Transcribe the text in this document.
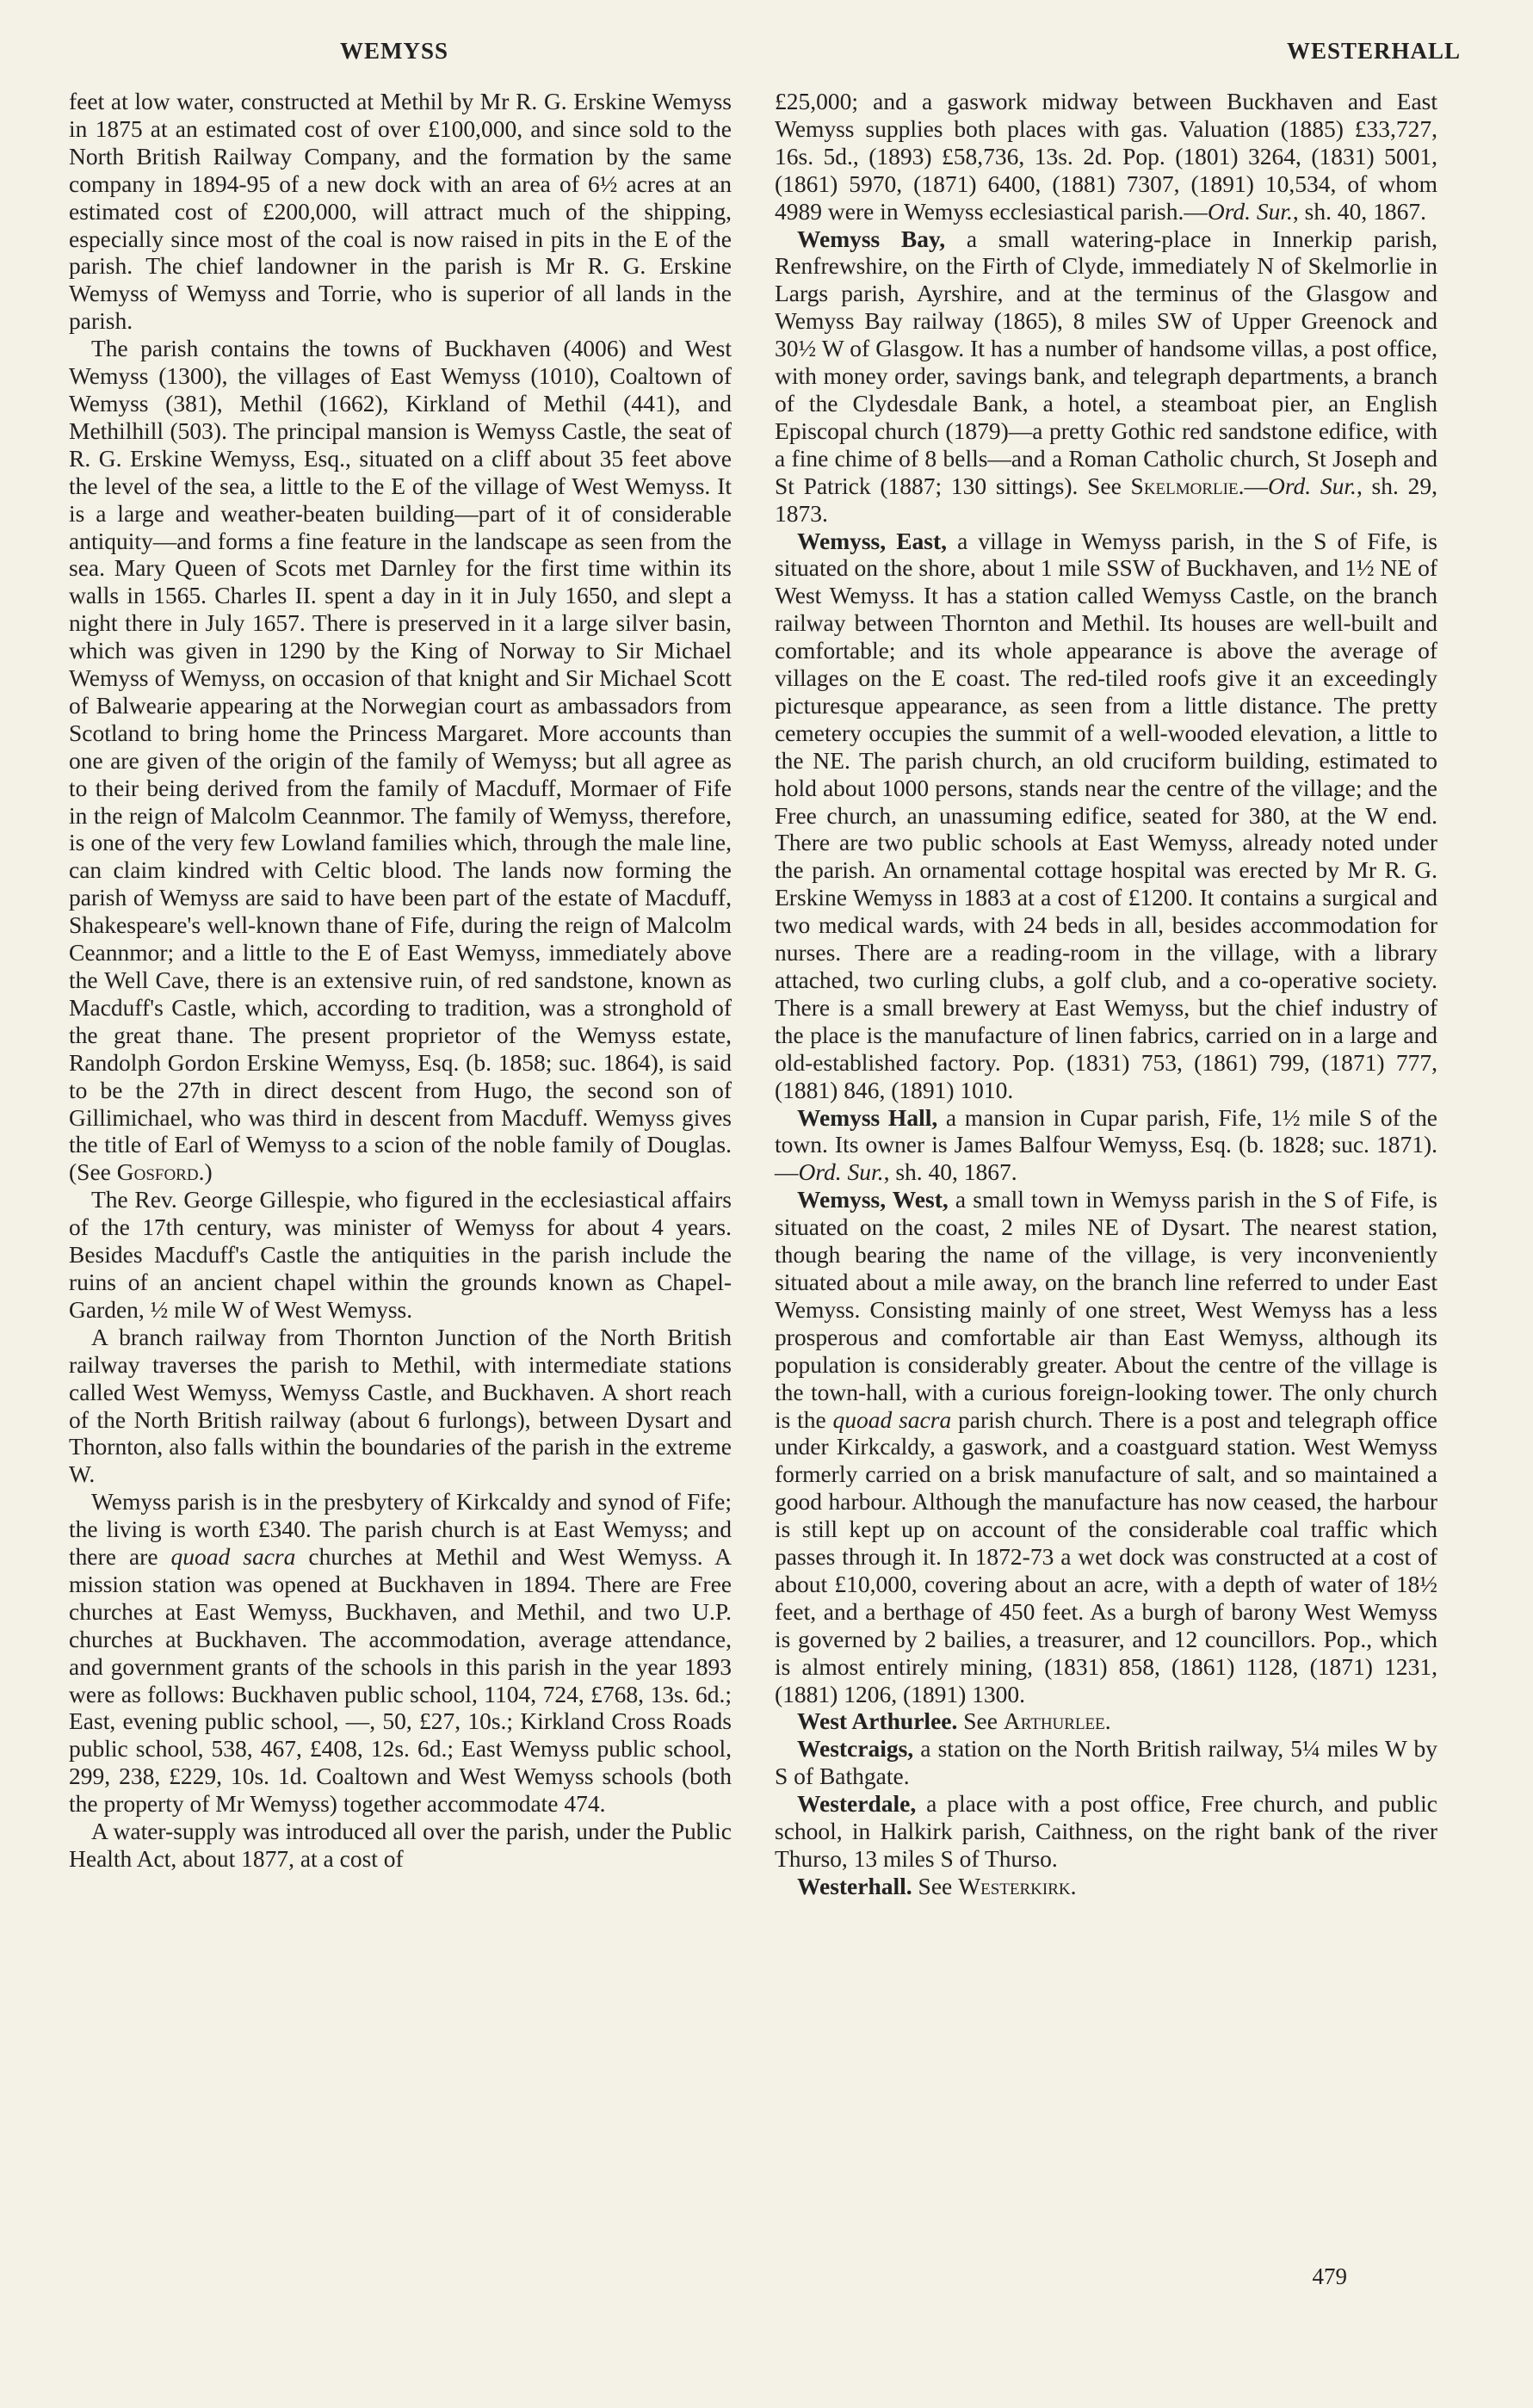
WEMYSS	WESTERHALL

feet at low water, constructed at Methil by Mr R. G. Erskine Wemyss in 1875 at an estimated cost of over £100,000, and since sold to the North British Railway Company, and the formation by the same company in 1894-95 of a new dock with an area of 6½ acres at an estimated cost of £200,000, will attract much of the shipping, especially since most of the coal is now raised in pits in the E of the parish. The chief landowner in the parish is Mr R. G. Erskine Wemyss of Wemyss and Torrie, who is superior of all lands in the parish.

The parish contains the towns of Buckhaven (4006) and West Wemyss (1300), the villages of East Wemyss (1010), Coaltown of Wemyss (381), Methil (1662), Kirkland of Methil (441), and Methilhill (503). The principal mansion is Wemyss Castle, the seat of R. G. Erskine Wemyss, Esq., situated on a cliff about 35 feet above the level of the sea, a little to the E of the village of West Wemyss. It is a large and weather-beaten building—part of it of considerable antiquity—and forms a fine feature in the landscape as seen from the sea. Mary Queen of Scots met Darnley for the first time within its walls in 1565. Charles II. spent a day in it in July 1650, and slept a night there in July 1657. There is preserved in it a large silver basin, which was given in 1290 by the King of Norway to Sir Michael Wemyss of Wemyss, on occasion of that knight and Sir Michael Scott of Balwearie appearing at the Norwegian court as ambassadors from Scotland to bring home the Princess Margaret. More accounts than one are given of the origin of the family of Wemyss; but all agree as to their being derived from the family of Macduff, Mormaer of Fife in the reign of Malcolm Ceannmor. The family of Wemyss, therefore, is one of the very few Lowland families which, through the male line, can claim kindred with Celtic blood. The lands now forming the parish of Wemyss are said to have been part of the estate of Macduff, Shakespeare's well-known thane of Fife, during the reign of Malcolm Ceannmor; and a little to the E of East Wemyss, immediately above the Well Cave, there is an extensive ruin, of red sandstone, known as Macduff's Castle, which, according to tradition, was a stronghold of the great thane. The present proprietor of the Wemyss estate, Randolph Gordon Erskine Wemyss, Esq. (b. 1858; suc. 1864), is said to be the 27th in direct descent from Hugo, the second son of Gillimichael, who was third in descent from Macduff. Wemyss gives the title of Earl of Wemyss to a scion of the noble family of Douglas. (See Gosford.)

The Rev. George Gillespie, who figured in the ecclesiastical affairs of the 17th century, was minister of Wemyss for about 4 years. Besides Macduff's Castle the antiquities in the parish include the ruins of an ancient chapel within the grounds known as Chapel-Garden, ½ mile W of West Wemyss.

A branch railway from Thornton Junction of the North British railway traverses the parish to Methil, with intermediate stations called West Wemyss, Wemyss Castle, and Buckhaven. A short reach of the North British railway (about 6 furlongs), between Dysart and Thornton, also falls within the boundaries of the parish in the extreme W.

Wemyss parish is in the presbytery of Kirkcaldy and synod of Fife; the living is worth £340. The parish church is at East Wemyss; and there are quoad sacra churches at Methil and West Wemyss. A mission station was opened at Buckhaven in 1894. There are Free churches at East Wemyss, Buckhaven, and Methil, and two U.P. churches at Buckhaven. The accommodation, average attendance, and government grants of the schools in this parish in the year 1893 were as follows: Buckhaven public school, 1104, 724, £768, 13s. 6d.; East, evening public school, —, 50, £27, 10s.; Kirkland Cross Roads public school, 538, 467, £408, 12s. 6d.; East Wemyss public school, 299, 238, £229, 10s. 1d. Coaltown and West Wemyss schools (both the property of Mr Wemyss) together accommodate 474.

A water-supply was introduced all over the parish, under the Public Health Act, about 1877, at a cost of

£25,000; and a gaswork midway between Buckhaven and East Wemyss supplies both places with gas. Valuation (1885) £33,727, 16s. 5d., (1893) £58,736, 13s. 2d. Pop. (1801) 3264, (1831) 5001, (1861) 5970, (1871) 6400, (1881) 7307, (1891) 10,534, of whom 4989 were in Wemyss ecclesiastical parish.—Ord. Sur., sh. 40, 1867.

Wemyss Bay, a small watering-place in Innerkip parish, Renfrewshire, on the Firth of Clyde, immediately N of Skelmorlie in Largs parish, Ayrshire, and at the terminus of the Glasgow and Wemyss Bay railway (1865), 8 miles SW of Upper Greenock and 30½ W of Glasgow. It has a number of handsome villas, a post office, with money order, savings bank, and telegraph departments, a branch of the Clydesdale Bank, a hotel, a steamboat pier, an English Episcopal church (1879)—a pretty Gothic red sandstone edifice, with a fine chime of 8 bells—and a Roman Catholic church, St Joseph and St Patrick (1887; 130 sittings). See Skelmorlie.—Ord. Sur., sh. 29, 1873.

Wemyss, East, a village in Wemyss parish, in the S of Fife, is situated on the shore, about 1 mile SSW of Buckhaven, and 1½ NE of West Wemyss. It has a station called Wemyss Castle, on the branch railway between Thornton and Methil. Its houses are well-built and comfortable; and its whole appearance is above the average of villages on the E coast. The red-tiled roofs give it an exceedingly picturesque appearance, as seen from a little distance. The pretty cemetery occupies the summit of a well-wooded elevation, a little to the NE. The parish church, an old cruciform building, estimated to hold about 1000 persons, stands near the centre of the village; and the Free church, an unassuming edifice, seated for 380, at the W end. There are two public schools at East Wemyss, already noted under the parish. An ornamental cottage hospital was erected by Mr R. G. Erskine Wemyss in 1883 at a cost of £1200. It contains a surgical and two medical wards, with 24 beds in all, besides accommodation for nurses. There are a reading-room in the village, with a library attached, two curling clubs, a golf club, and a co-operative society. There is a small brewery at East Wemyss, but the chief industry of the place is the manufacture of linen fabrics, carried on in a large and old-established factory. Pop. (1831) 753, (1861) 799, (1871) 777, (1881) 846, (1891) 1010.

Wemyss Hall, a mansion in Cupar parish, Fife, 1½ mile S of the town. Its owner is James Balfour Wemyss, Esq. (b. 1828; suc. 1871).—Ord. Sur., sh. 40, 1867.

Wemyss, West, a small town in Wemyss parish in the S of Fife, is situated on the coast, 2 miles NE of Dysart. The nearest station, though bearing the name of the village, is very inconveniently situated about a mile away, on the branch line referred to under East Wemyss. Consisting mainly of one street, West Wemyss has a less prosperous and comfortable air than East Wemyss, although its population is considerably greater. About the centre of the village is the town-hall, with a curious foreign-looking tower. The only church is the quoad sacra parish church. There is a post and telegraph office under Kirkcaldy, a gaswork, and a coastguard station. West Wemyss formerly carried on a brisk manufacture of salt, and so maintained a good harbour. Although the manufacture has now ceased, the harbour is still kept up on account of the considerable coal traffic which passes through it. In 1872-73 a wet dock was constructed at a cost of about £10,000, covering about an acre, with a depth of water of 18½ feet, and a berthage of 450 feet. As a burgh of barony West Wemyss is governed by 2 bailies, a treasurer, and 12 councillors. Pop., which is almost entirely mining, (1831) 858, (1861) 1128, (1871) 1231, (1881) 1206, (1891) 1300.

West Arthurlee. See Arthurlee.

Westcraigs, a station on the North British railway, 5¼ miles W by S of Bathgate.

Westerdale, a place with a post office, Free church, and public school, in Halkirk parish, Caithness, on the right bank of the river Thurso, 13 miles S of Thurso.

Westerhall. See Westerkirk.

479
